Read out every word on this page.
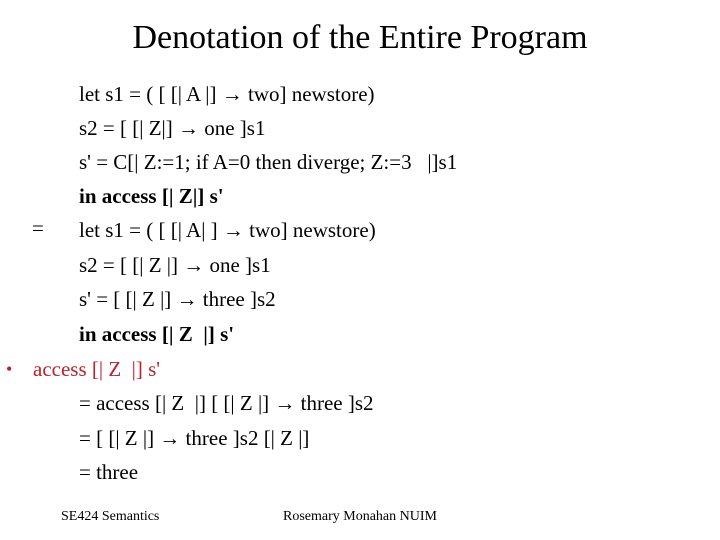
Denotation of the Entire Program
let s1 = ( [ [| A |] → two] newstore)
s2 = [ [| Z|] → one ]s1
s' = C[| Z:=1; if A=0 then diverge; Z:=3   |]s1
in access [| Z|] s'
= let s1 = ( [ [| A| ] → two] newstore)
s2 = [ [| Z |] → one ]s1
s' = [ [| Z |] → three ]s2
in access [| Z  |] s'
• access [| Z  |] s'
= access [| Z  |] [ [| Z |] → three ]s2
= [ [| Z |] → three ]s2 [| Z |]
= three
SE424 Semantics	Rosemary Monahan NUIM
